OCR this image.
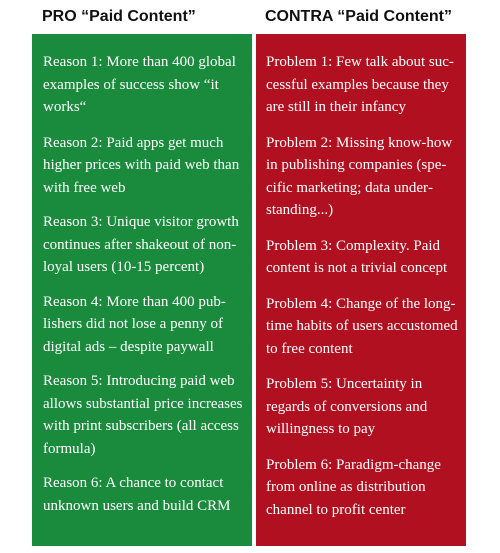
PRO “Paid Content”	CONTRA “Paid Content”

Reason 1: More than 400 global examples of success show “it works“

Reason 2: Paid apps get much higher prices with paid web than with free web

Reason 3: Unique visitor growth continues after shakeout of non-loyal users (10-15 percent)

Reason 4: More than 400 publishers did not lose a penny of digital ads – despite paywall

Reason 5: Introducing paid web allows substantial price increases with print subscribers (all access formula)

Reason 6: A chance to contact unknown users and build CRM

Problem 1: Few talk about successful examples because they are still in their infancy

Problem 2: Missing know-how in publishing companies (specific marketing; data understanding...)

Problem 3: Complexity. Paid content is not a trivial concept

Problem 4: Change of the long-time habits of users accustomed to free content

Problem 5: Uncertainty in regards of conversions and willingness to pay

Problem 6: Paradigm-change from online as distribution channel to profit center
